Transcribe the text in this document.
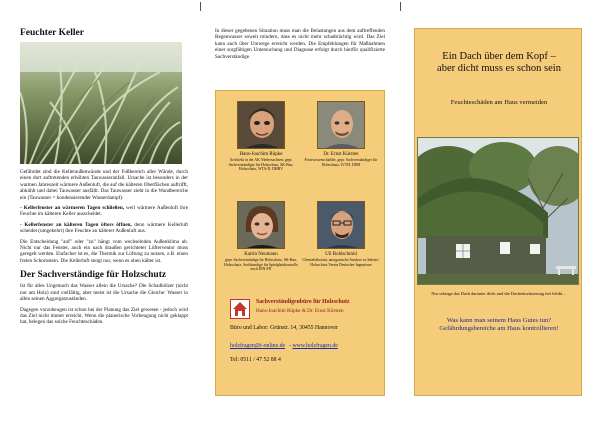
Feuchter Keller
Gefährdet sind die Kelleraußenwände und der Fußbereich aller Wände, durch einen dort auftretenden erhöhten Tauwasseranfall. Ursache ist besonders in der warmen Jahreszeit wärmere Außenluft, die auf die kälteren Oberflächen auftrifft, abkühlt und dabei Tauwasser ausfällt. Das Tauwasser zieht in die Wandbereiche ein (Tauwasser = kondensierender Wasserdampf).
- Kellerfenster an wärmeren Tagen schließen, weil wärmere Außenluft ihre Feuchte im kälteren Keller ausscheidet.
- Kellerfenster an kälteren Tagen öfters öffnen, denn wärmere Kellerluft scheidet (umgekehrt) ihre Feuchte an kälterer Außenluft aus.
Die Entscheidung "auf" oder "zu" hängt vom wechselnden Außenklima ab. Nicht nur das Fenster, auch ein nach draußen gerichteter Lüfterventor muss geregelt werden. Einfacher ist es, die Thermik zur Lüftung zu nutzen, z.B. einen freien Schornstein. Die Kellerluft steigt nur, wenn es oben kälter ist.
Der Sachverständige für Holzschutz
Ist für alles Ungemach das Wasser allein die Ursache? Die Schadhölzer (nicht nur am Holz) sind vielfältig, aber meist ist die Ursache die Gleiche: Wasser in allen seinen Aggregatzuständen.
Dagegen vorzubeugen ist schon bei der Planung das Ziel gewesen - jedoch wird das Ziel nicht immer erreicht. Wenn die planerische Vorbeugung nicht geklappt hat, belegen das solche Feuchteschäden.
In dieser gegebenen Situation muss man die Belastungen aus dem auftreffenden Regenwasser soweit mindern, dass es nicht mehr schadträchtig wird. Das Ziel kann auch über Umwege erreicht werden. Die Empfehlungen für Maßnahmen einer sorgfältigen Untersuchung und Diagnose erfolgt durch hierfür qualifizierte Sachverständige.
Hans-Joachim Rüpke
Architekt in der AK Niedersachsen, gepr. Sachverständiger für Holzschutz, SK-Bau, Holzschutz, WTA-D, DHBV
Dr. Ernst Kürsten
Forstwissenschaftler, gepr. Sachverständiger für Holzschutz, IVTH, DDH
Katrin Neumann
gepr. Sachverständige für Holzschutz, SK-Bau, Holzschutz, Sachkundige für Spielplatzkontrolle nach DIN EN
Uli Bohlschmid
Chemielaborant, anorganische Analyse zu Salzen / Holzschutz Verein Deutscher Ingenieure
Sachverständigenbüro für Holzschutz
Hans-Joachim Rüpke & Dr. Ernst Kürsten
Büro und Labor: Grünstr. 14, 30455 Hannover
holzfragen@t-online.de - www.holzfragen.de
Tel: 0511 / 47 52 88 4
Ein Dach über dem Kopf –
aber dicht muss es schon sein
Feuchteschäden am Haus vermeiden
Nur solange das Dach darunter dicht und die Dachentwässerung frei bleibt…
Was kann man seinem Haus Gutes tun?Gefährdungsbereiche am Haus kontrollieren!
